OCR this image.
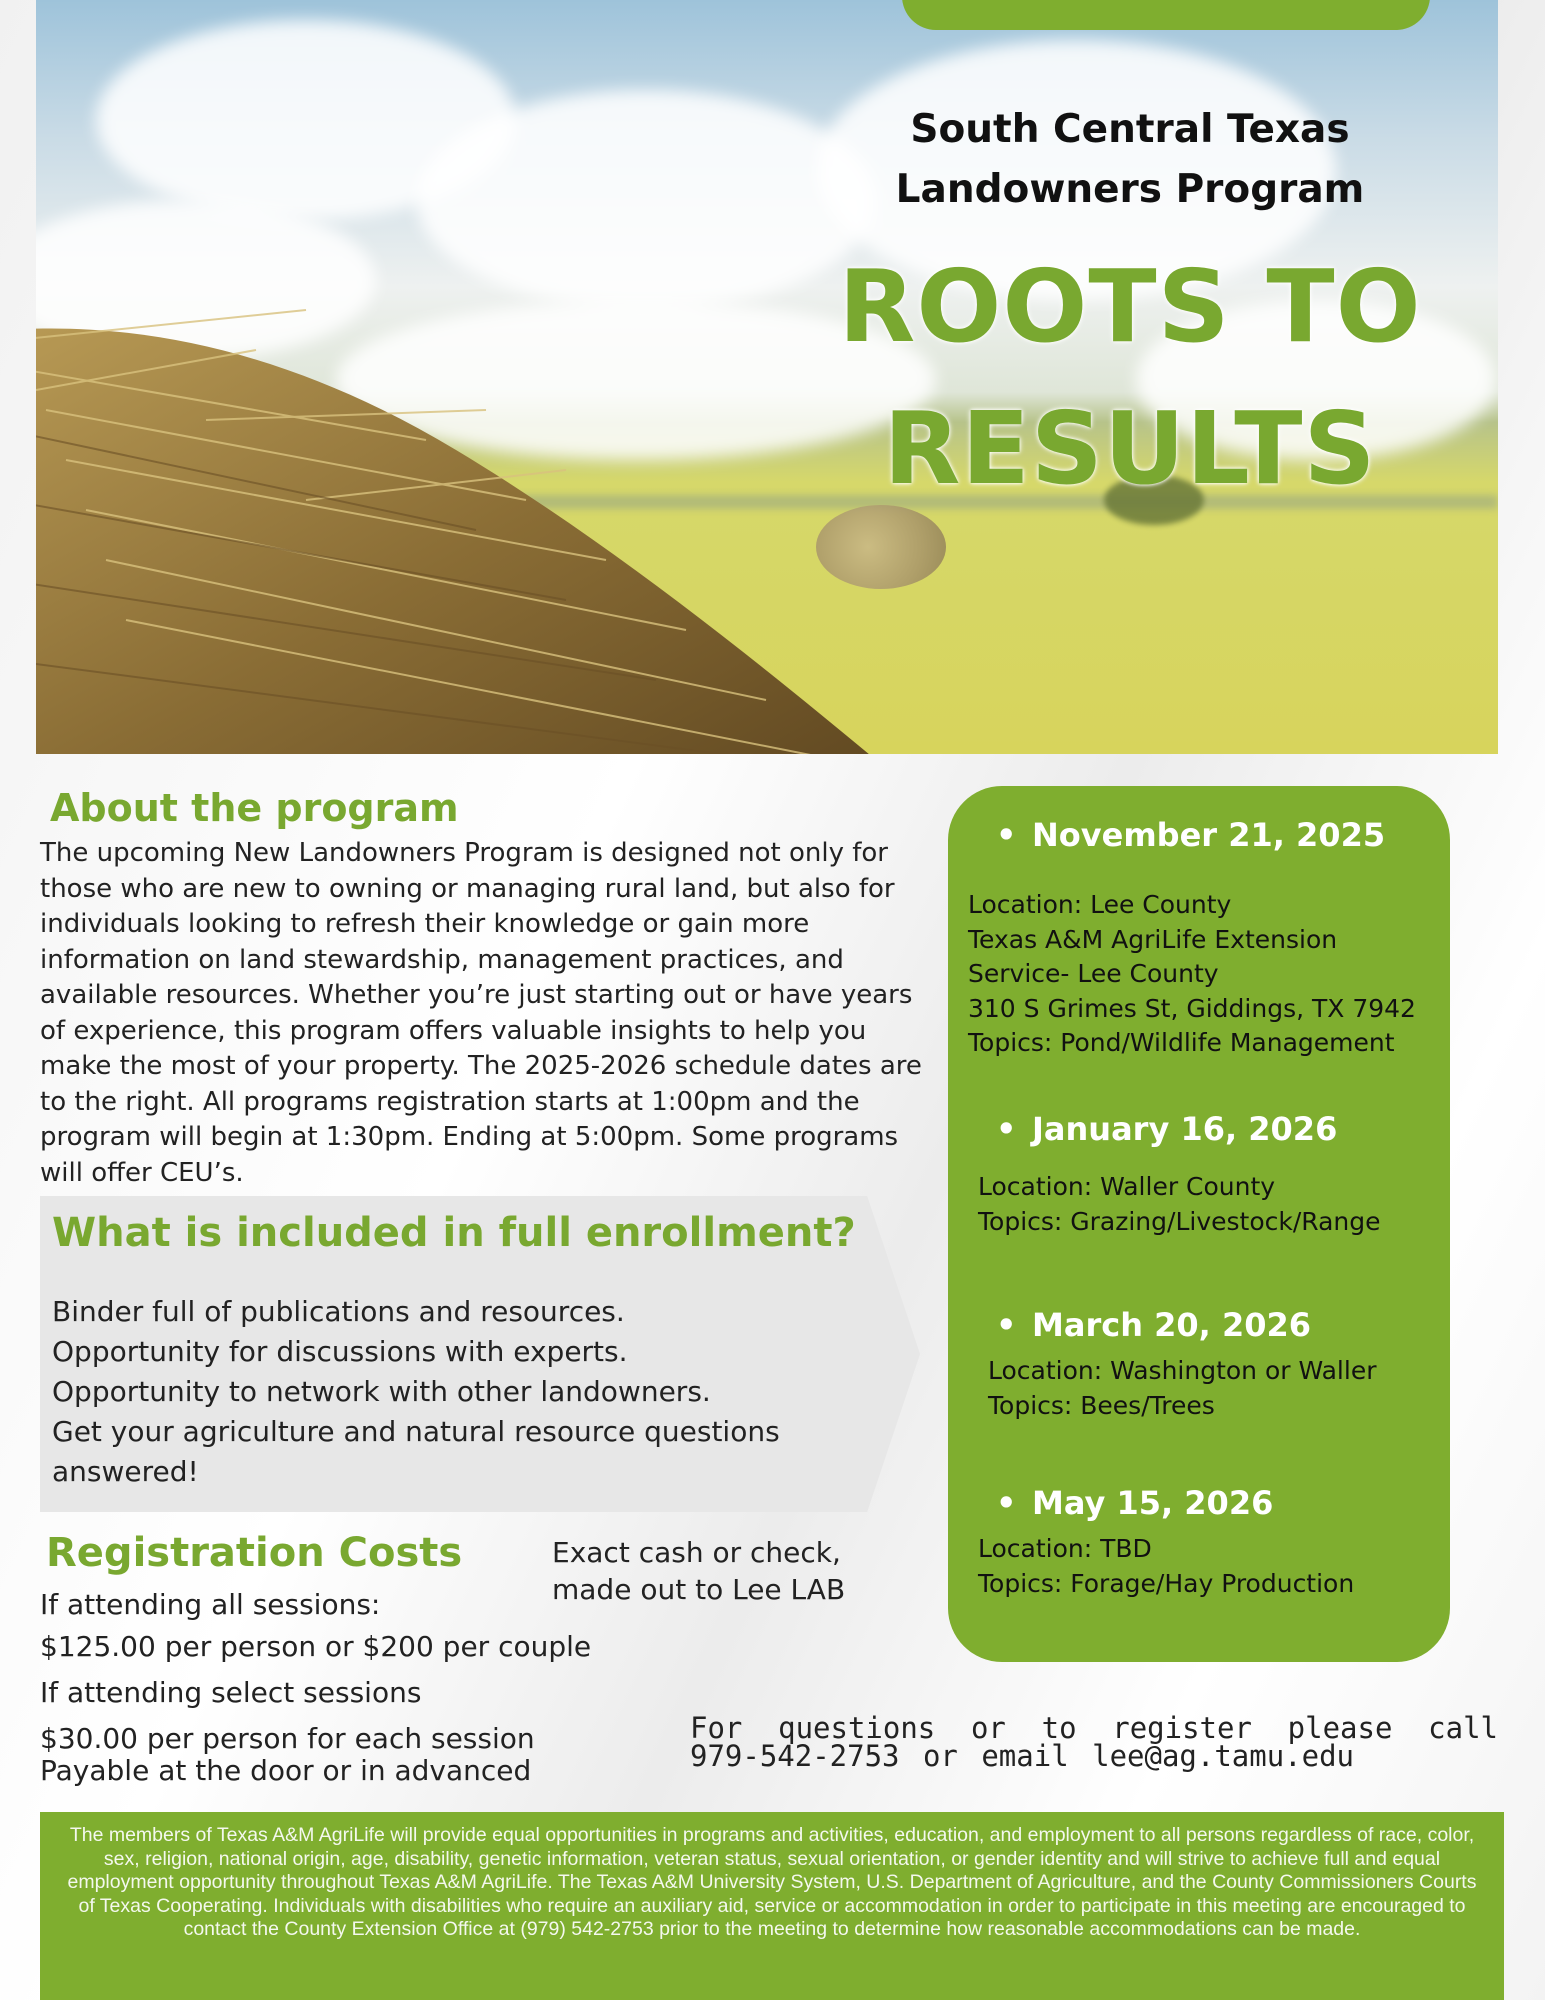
South Central Texas
Landowners Program
ROOTS TO
RESULTS
About the program
The upcoming New Landowners Program is designed not only for those who are new to owning or managing rural land, but also for individuals looking to refresh their knowledge or gain more information on land stewardship, management practices, and available resources. Whether you’re just starting out or have years of experience, this program offers valuable insights to help you make the most of your property. The 2025-2026 schedule dates are to the right. All programs registration starts at 1:00pm and the program will begin at 1:30pm. Ending at 5:00pm. Some programs will offer CEU’s.
What is included in full enrollment?
Binder full of publications and resources.
Opportunity for discussions with experts.
Opportunity to network with other landowners.
Get your agriculture and natural resource questions answered!
Registration Costs	Exact cash or check, made out to Lee LAB
If attending all sessions:
$125.00 per person or $200 per couple
If attending select sessions
$30.00 per person for each session
Payable at the door or in advanced
For questions or to register please call 979-542-2753 or email lee@ag.tamu.edu
• November 21, 2025
Location: Lee County
Texas A&M AgriLife Extension
Service- Lee County
310 S Grimes St, Giddings, TX 7942
Topics: Pond/Wildlife Management
• January 16, 2026
Location: Waller County
Topics: Grazing/Livestock/Range
• March 20, 2026
Location: Washington or Waller
Topics: Bees/Trees
• May 15, 2026
Location: TBD
Topics: Forage/Hay Production
The members of Texas A&M AgriLife will provide equal opportunities in programs and activities, education, and employment to all persons regardless of race, color, sex, religion, national origin, age, disability, genetic information, veteran status, sexual orientation, or gender identity and will strive to achieve full and equal employment opportunity throughout Texas A&M AgriLife. The Texas A&M University System, U.S. Department of Agriculture, and the County Commissioners Courts of Texas Cooperating. Individuals with disabilities who require an auxiliary aid, service or accommodation in order to participate in this meeting are encouraged to contact the County Extension Office at (979) 542-2753 prior to the meeting to determine how reasonable accommodations can be made.
